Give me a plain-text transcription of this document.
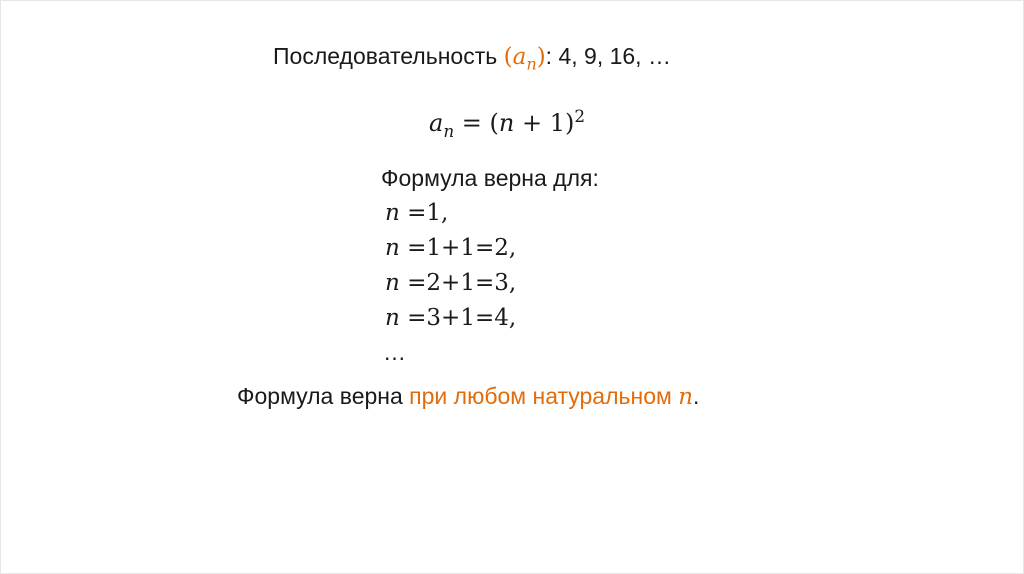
Последовательность $(a_n)$: 4, 9, 16, …
$a_n = (n + 1)^2$
Формула верна для:
n =1,
n =1+1=2,
n =2+1=3,
n =3+1=4,
…
Формула верна при любом натуральном n.
